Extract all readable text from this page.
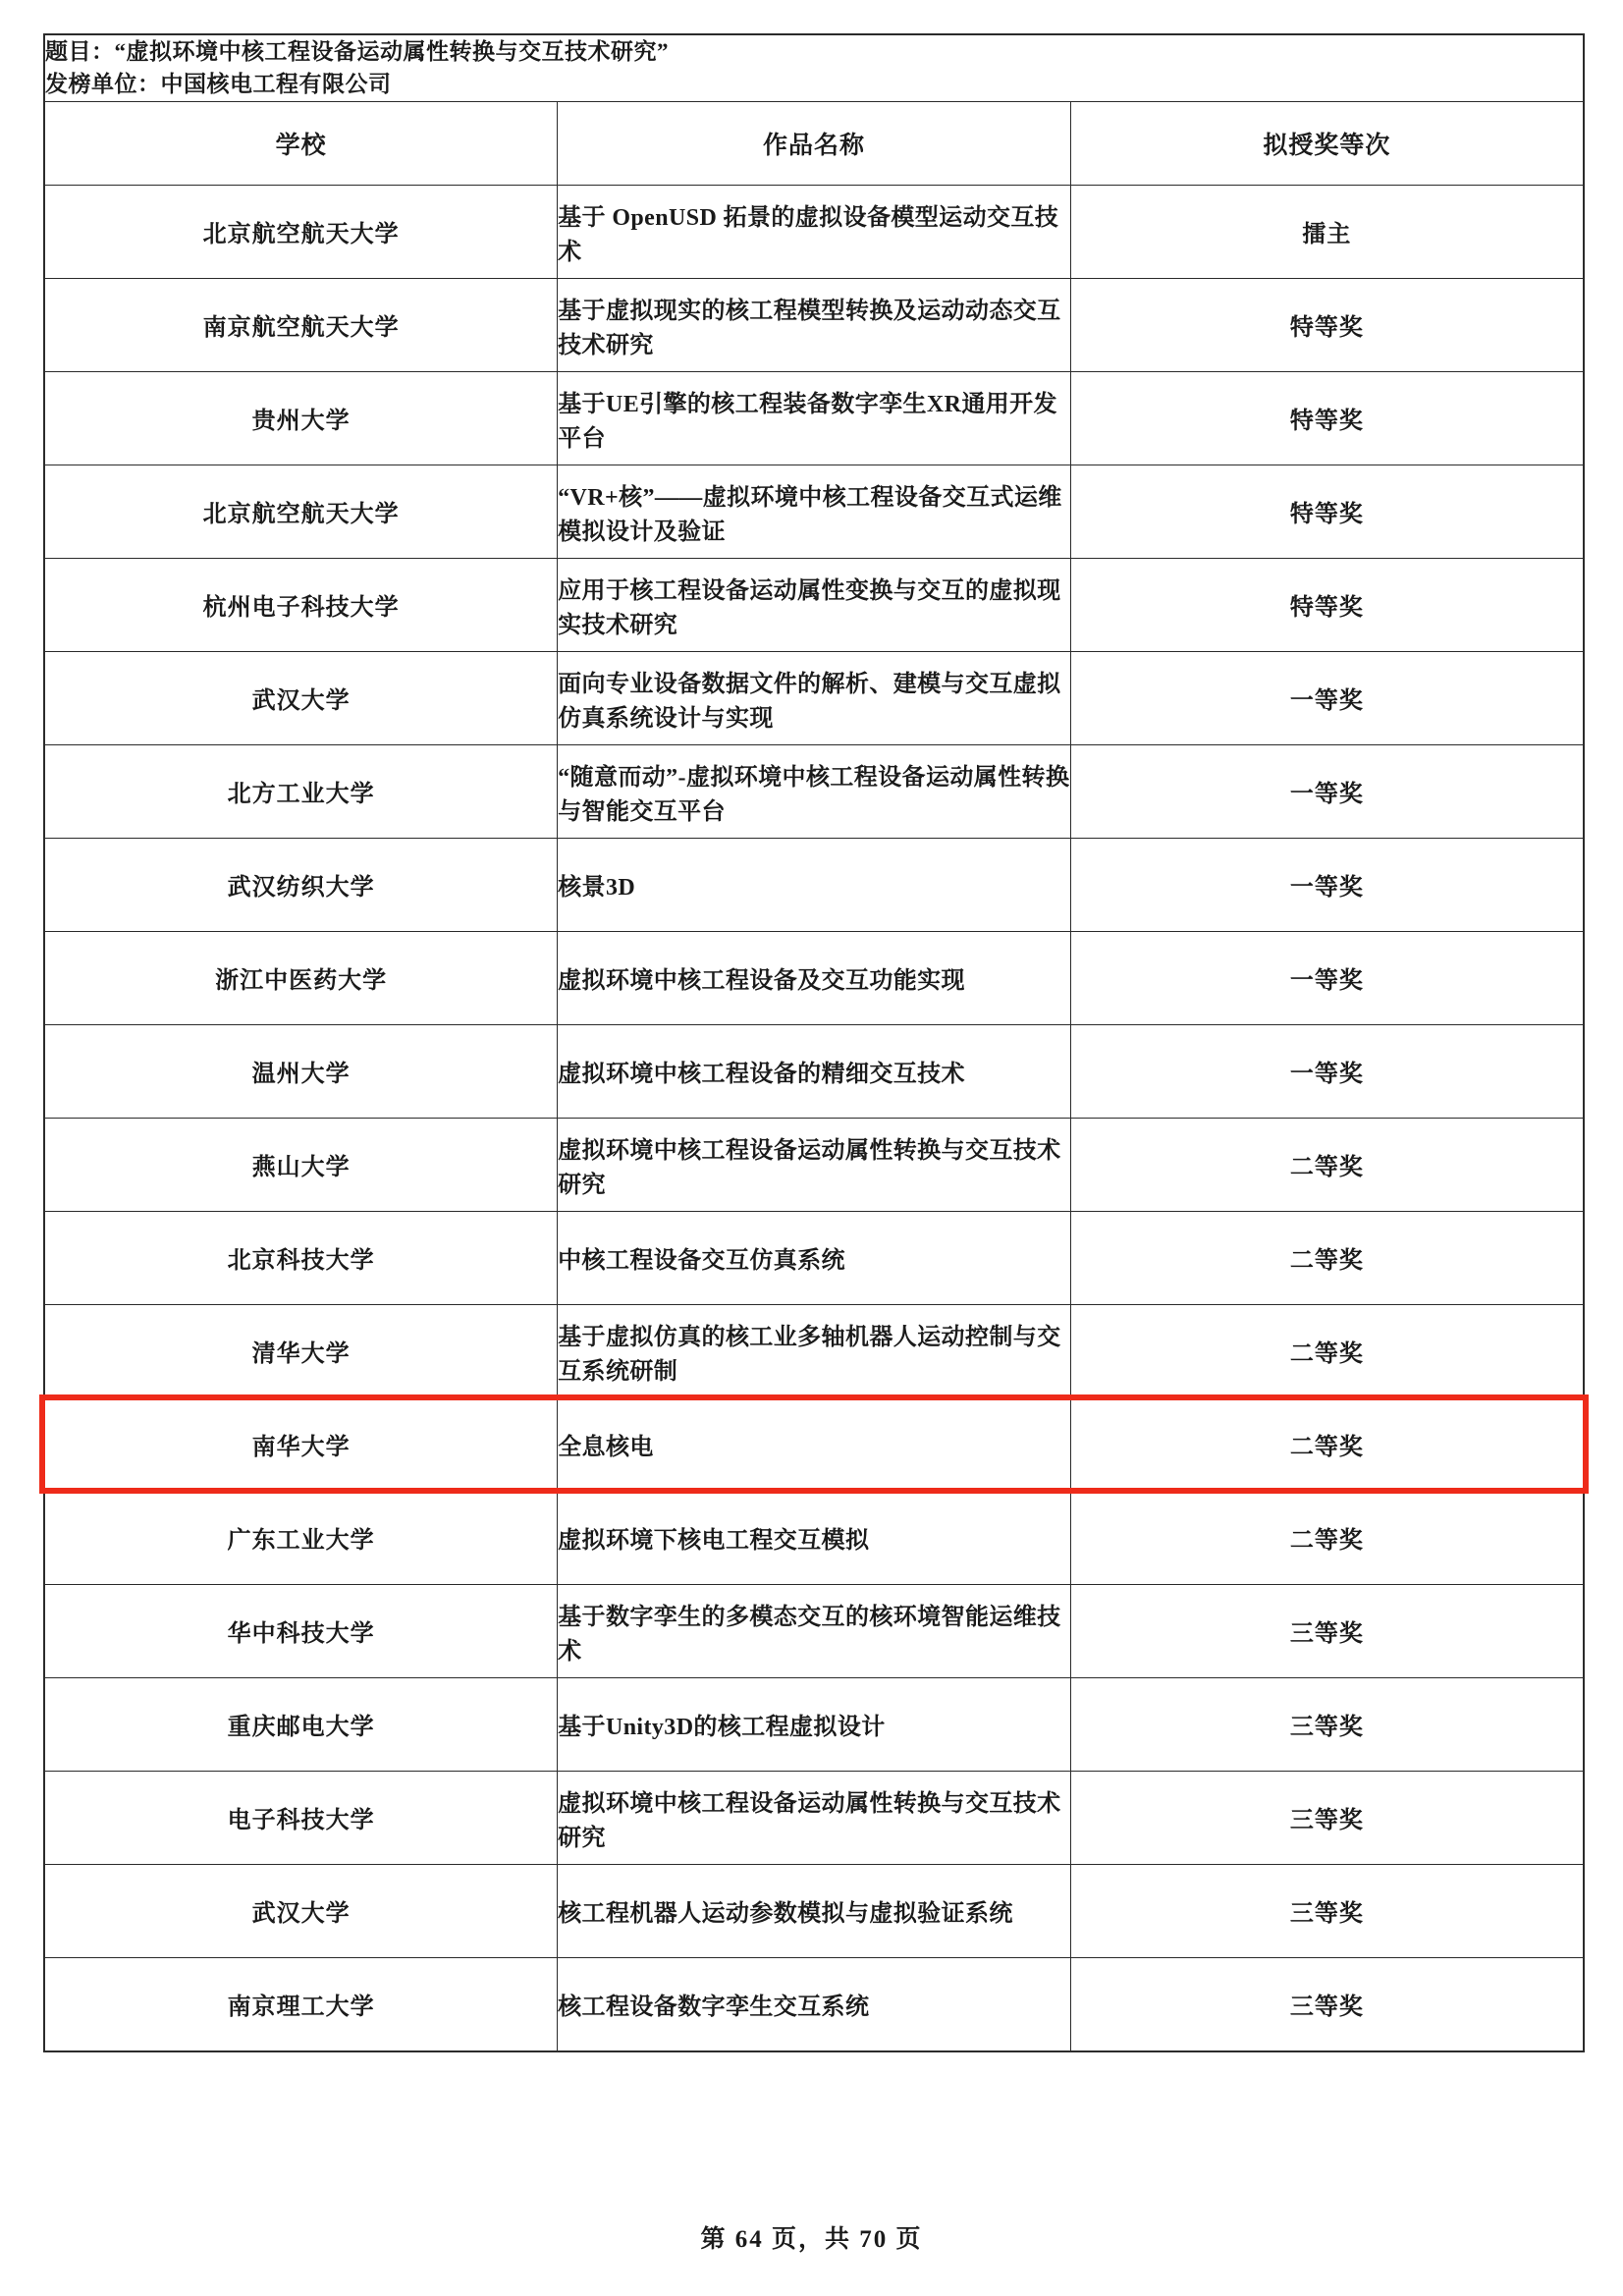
题目：“虚拟环境中核工程设备运动属性转换与交互技术研究”
发榜单位：中国核电工程有限公司		

学校	作品名称	拟授奖等次
北京航空航天大学	基于 OpenUSD 拓景的虚拟设备模型运动交互技术	擂主
南京航空航天大学	基于虚拟现实的核工程模型转换及运动动态交互技术研究	特等奖
贵州大学	基于UE引擎的核工程装备数字孪生XR通用开发平台	特等奖
北京航空航天大学	“VR+核”——虚拟环境中核工程设备交互式运维模拟设计及验证	特等奖
杭州电子科技大学	应用于核工程设备运动属性变换与交互的虚拟现实技术研究	特等奖
武汉大学	面向专业设备数据文件的解析、建模与交互虚拟仿真系统设计与实现	一等奖
北方工业大学	“随意而动”-虚拟环境中核工程设备运动属性转换与智能交互平台	一等奖
武汉纺织大学	核景3D	一等奖
浙江中医药大学	虚拟环境中核工程设备及交互功能实现	一等奖
温州大学	虚拟环境中核工程设备的精细交互技术	一等奖
燕山大学	虚拟环境中核工程设备运动属性转换与交互技术研究	二等奖
北京科技大学	中核工程设备交互仿真系统	二等奖
清华大学	基于虚拟仿真的核工业多轴机器人运动控制与交互系统研制	二等奖
南华大学	全息核电	二等奖
广东工业大学	虚拟环境下核电工程交互模拟	二等奖
华中科技大学	基于数字孪生的多模态交互的核环境智能运维技术	三等奖
重庆邮电大学	基于Unity3D的核工程虚拟设计	三等奖
电子科技大学	虚拟环境中核工程设备运动属性转换与交互技术研究	三等奖
武汉大学	核工程机器人运动参数模拟与虚拟验证系统	三等奖
南京理工大学	核工程设备数字孪生交互系统	三等奖
第 64 页，共 70 页
